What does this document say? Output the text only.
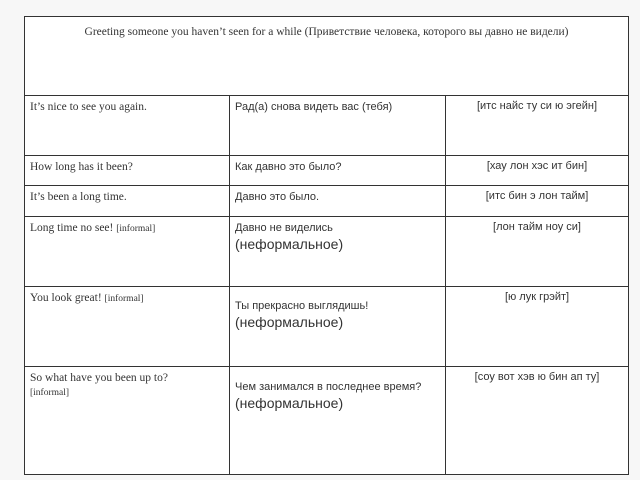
Greeting someone you haven’t seen for a while (Приветствие человека, которого вы давно не видели)		

It’s nice to see you again.	Рад(а) снова видеть вас (тебя)	[итс найс ту си ю эгейн]

How long has it been?	Как давно это было?	[хау лон хэс ит бин]

It’s been a long time.	Давно это было.	[итс бин э лон тайм]

Long time no see! [informal]	Давно не виделись
(неформальное)	[лон тайм ноу си]

You look great! [informal]	Ты прекрасно выглядишь!
(неформальное)	[ю лук грэйт]

So what have you been up to?
[informal]	Чем занимался в последнее время?
(неформальное)	[соу вот хэв ю бин ап ту]
